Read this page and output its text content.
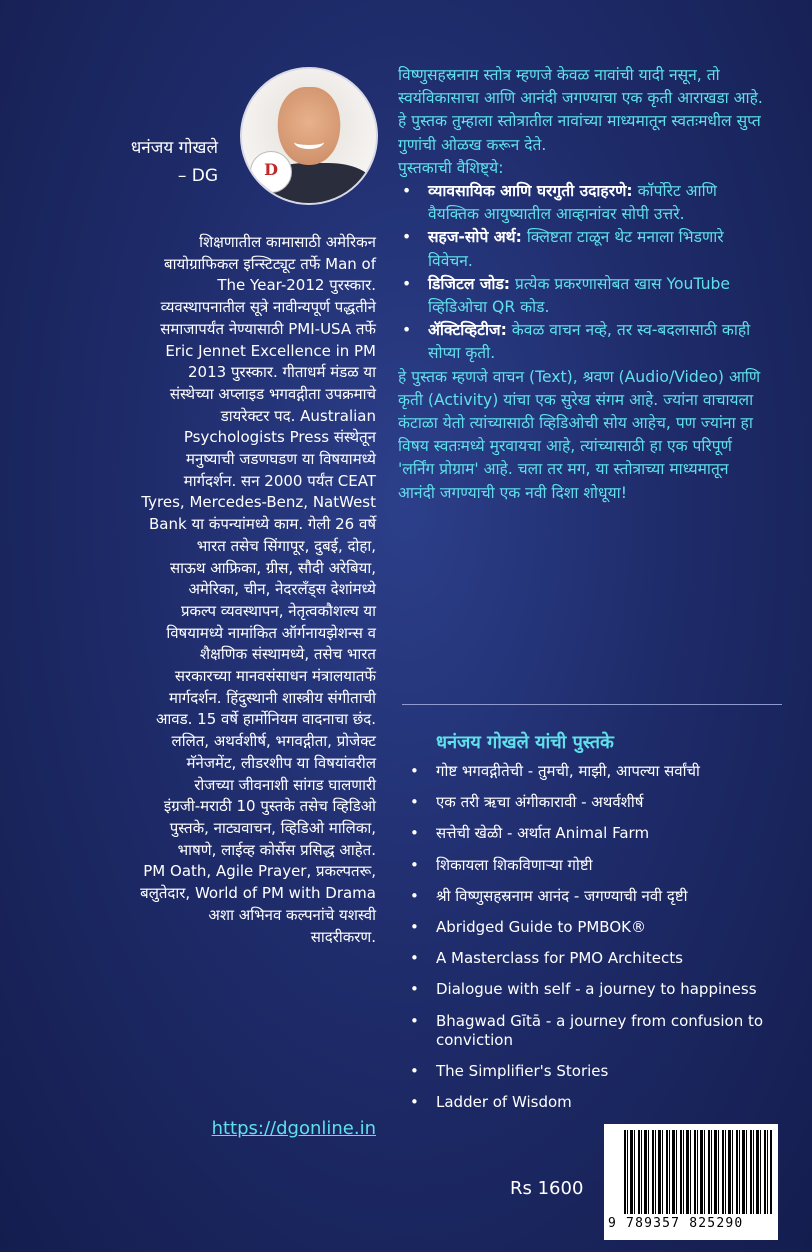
धनंजय गोखले
– DG	D
शिक्षणातील कामासाठी अमेरिकन
बायोग्राफिकल इन्स्टिट्यूट तर्फे Man of
The Year-2012 पुरस्कार.
व्यवस्थापनातील सूत्रे नावीन्यपूर्ण पद्धतीने
समाजापर्यंत नेण्यासाठी PMI-USA तर्फे
Eric Jennet Excellence in PM
2013 पुरस्कार. गीताधर्म मंडळ या
संस्थेच्या अप्लाइड भगवद्गीता उपक्रमाचे
डायरेक्टर पद. Australian
Psychologists Press संस्थेतून
मनुष्याची जडणघडण या विषयामध्ये
मार्गदर्शन. सन 2000 पर्यंत CEAT
Tyres, Mercedes-Benz, NatWest
Bank या कंपन्यांमध्ये काम. गेली 26 वर्षे
भारत तसेच सिंगापूर, दुबई, दोहा,
साऊथ आफ्रिका, ग्रीस, सौदी अरेबिया,
अमेरिका, चीन, नेदरलँड्स देशांमध्ये
प्रकल्प व्यवस्थापन, नेतृत्वकौशल्य या
विषयामध्ये नामांकित ऑर्गनायझेशन्स व
शैक्षणिक संस्थामध्ये, तसेच भारत
सरकारच्या मानवसंसाधन मंत्रालयातर्फे
मार्गदर्शन. हिंदुस्थानी शास्त्रीय संगीताची
आवड. 15 वर्षे हार्मोनियम वादनाचा छंद.
ललित, अथर्वशीर्ष, भगवद्गीता, प्रोजेक्ट
मॅनेजमेंट, लीडरशीप या विषयांवरील
रोजच्या जीवनाशी सांगड घालणारी
इंग्रजी-मराठी 10 पुस्तके तसेच व्हिडिओ
पुस्तके, नाट्यवाचन, व्हिडिओ मालिका,
भाषणे, लाईव्ह कोर्सेस प्रसिद्ध आहेत.
PM Oath, Agile Prayer, प्रकल्पतरू,
बलुतेदार, World of PM with Drama
अशा अभिनव कल्पनांचे यशस्वी
सादरीकरण.
https://dgonline.in

विष्णुसहस्रनाम स्तोत्र म्हणजे केवळ नावांची यादी नसून, तो स्वयंविकासाचा आणि आनंदी जगण्याचा एक कृती आराखडा आहे. हे पुस्तक तुम्हाला स्तोत्रातील नावांच्या माध्यमातून स्वतःमधील सुप्त गुणांची ओळख करून देते.

पुस्तकाची वैशिष्ट्ये:

• व्यावसायिक आणि घरगुती उदाहरणे: कॉर्पोरेट आणि वैयक्तिक आयुष्यातील आव्हानांवर सोपी उत्तरे.
• सहज-सोपे अर्थ: क्लिष्टता टाळून थेट मनाला भिडणारे विवेचन.
• डिजिटल जोड: प्रत्येक प्रकरणासोबत खास YouTube व्हिडिओचा QR कोड.
• ॲक्टिव्हिटीज: केवळ वाचन नव्हे, तर स्व-बदलासाठी काही सोप्या कृती.

हे पुस्तक म्हणजे वाचन (Text), श्रवण (Audio/Video) आणि कृती (Activity) यांचा एक सुरेख संगम आहे. ज्यांना वाचायला कंटाळा येतो त्यांच्यासाठी व्हिडिओची सोय आहेच, पण ज्यांना हा विषय स्वतःमध्ये मुरवायचा आहे, त्यांच्यासाठी हा एक परिपूर्ण 'लर्निंग प्रोग्राम' आहे. चला तर मग, या स्तोत्राच्या माध्यमातून आनंदी जगण्याची एक नवी दिशा शोधूया!

धनंजय गोखले यांची पुस्तके
• गोष्ट भगवद्गीतेची - तुमची, माझी, आपल्या सर्वांची
• एक तरी ऋचा अंगीकारावी - अथर्वशीर्ष
• सत्तेची खेळी - अर्थात Animal Farm
• शिकायला शिकविणाऱ्या गोष्टी
• श्री विष्णुसहस्रनाम आनंद - जगण्याची नवी दृष्टी
• Abridged Guide to PMBOK®
• A Masterclass for PMO Architects
• Dialogue with self - a journey to happiness
• Bhagwad Gītā - a journey from confusion to conviction
• The Simplifier's Stories
• Ladder of Wisdom
Rs 1600
9 789357 825290
